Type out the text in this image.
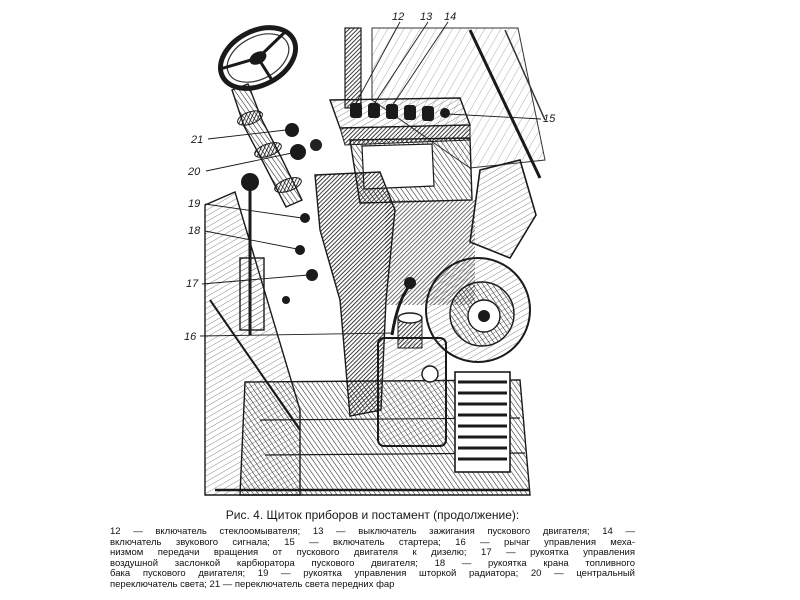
12 13 14
15
16
17
18
19
20
21
Рис. 4. Щиток приборов и постамент (продолжение):
12 — включатель стеклоомывателя; 13 — выключатель зажигания пускового двигателя; 14 —
включатель звукового сигнала; 15 — включатель стартера; 16 — рычаг управления меха-
низмом передачи вращения от пускового двигателя к дизелю; 17 — рукоятка управления
воздушной заслонкой карбюратора пускового двигателя; 18 — рукоятка крана топливного
бака пускового двигателя; 19 — рукоятка управления шторкой радиатора; 20 — центральный
переключатель света; 21 — переключатель света передних фар
